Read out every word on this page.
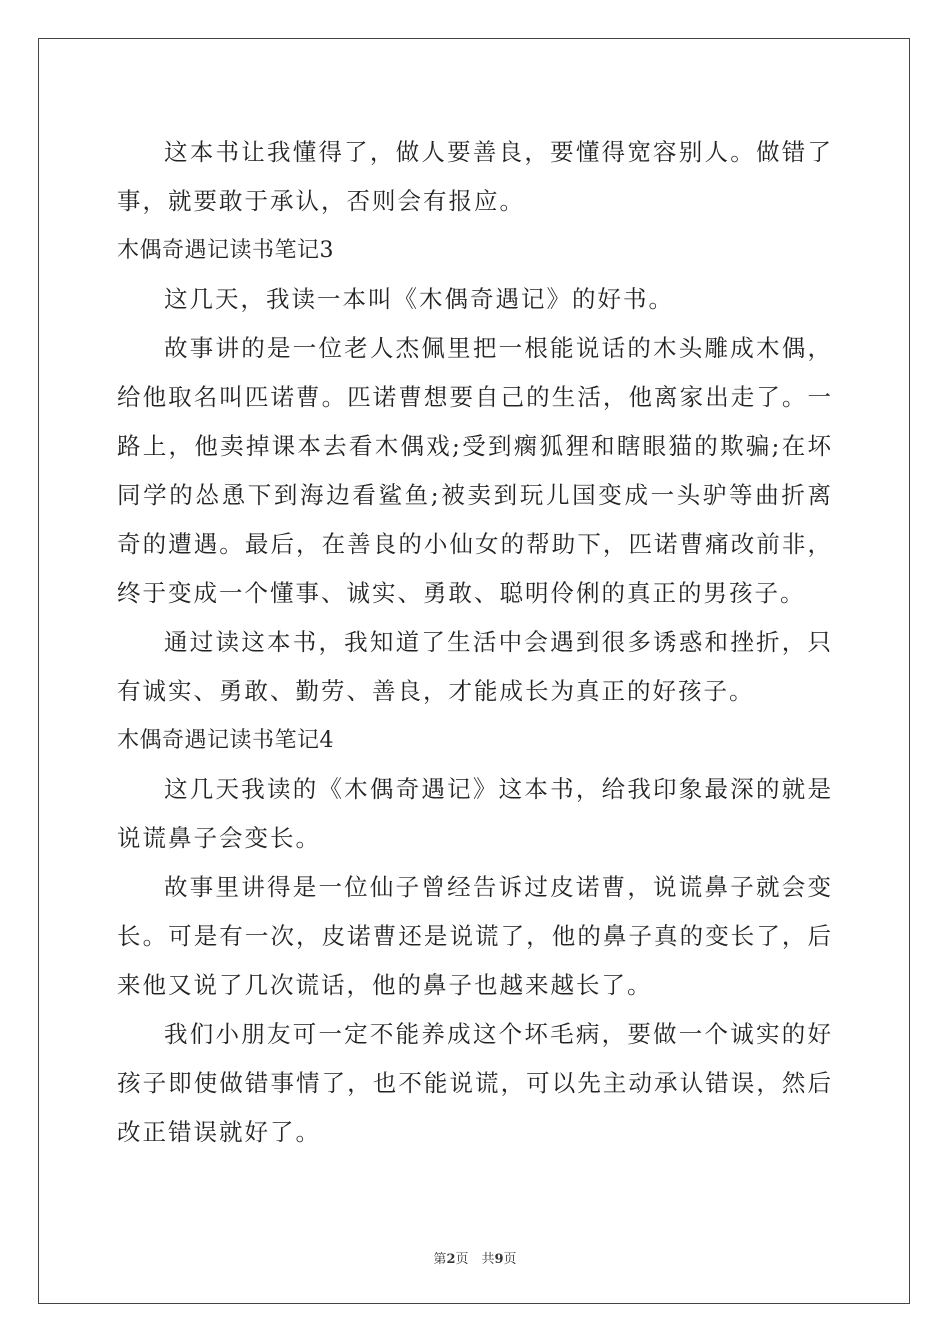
这本书让我懂得了，做人要善良，要懂得宽容别人。做错了事，就要敢于承认，否则会有报应。

木偶奇遇记读书笔记3

这几天，我读一本叫《木偶奇遇记》的好书。

故事讲的是一位老人杰佩里把一根能说话的木头雕成木偶，给他取名叫匹诺曹。匹诺曹想要自己的生活，他离家出走了。一路上，他卖掉课本去看木偶戏;受到瘸狐狸和瞎眼猫的欺骗;在坏同学的怂恿下到海边看鲨鱼;被卖到玩儿国变成一头驴等曲折离奇的遭遇。最后，在善良的小仙女的帮助下，匹诺曹痛改前非，终于变成一个懂事、诚实、勇敢、聪明伶俐的真正的男孩子。

通过读这本书，我知道了生活中会遇到很多诱惑和挫折，只有诚实、勇敢、勤劳、善良，才能成长为真正的好孩子。

木偶奇遇记读书笔记4

这几天我读的《木偶奇遇记》这本书，给我印象最深的就是说谎鼻子会变长。

故事里讲得是一位仙子曾经告诉过皮诺曹，说谎鼻子就会变长。可是有一次，皮诺曹还是说谎了，他的鼻子真的变长了，后来他又说了几次谎话，他的鼻子也越来越长了。

我们小朋友可一定不能养成这个坏毛病，要做一个诚实的好孩子即使做错事情了，也不能说谎，可以先主动承认错误，然后改正错误就好了。

第2页　共9页
